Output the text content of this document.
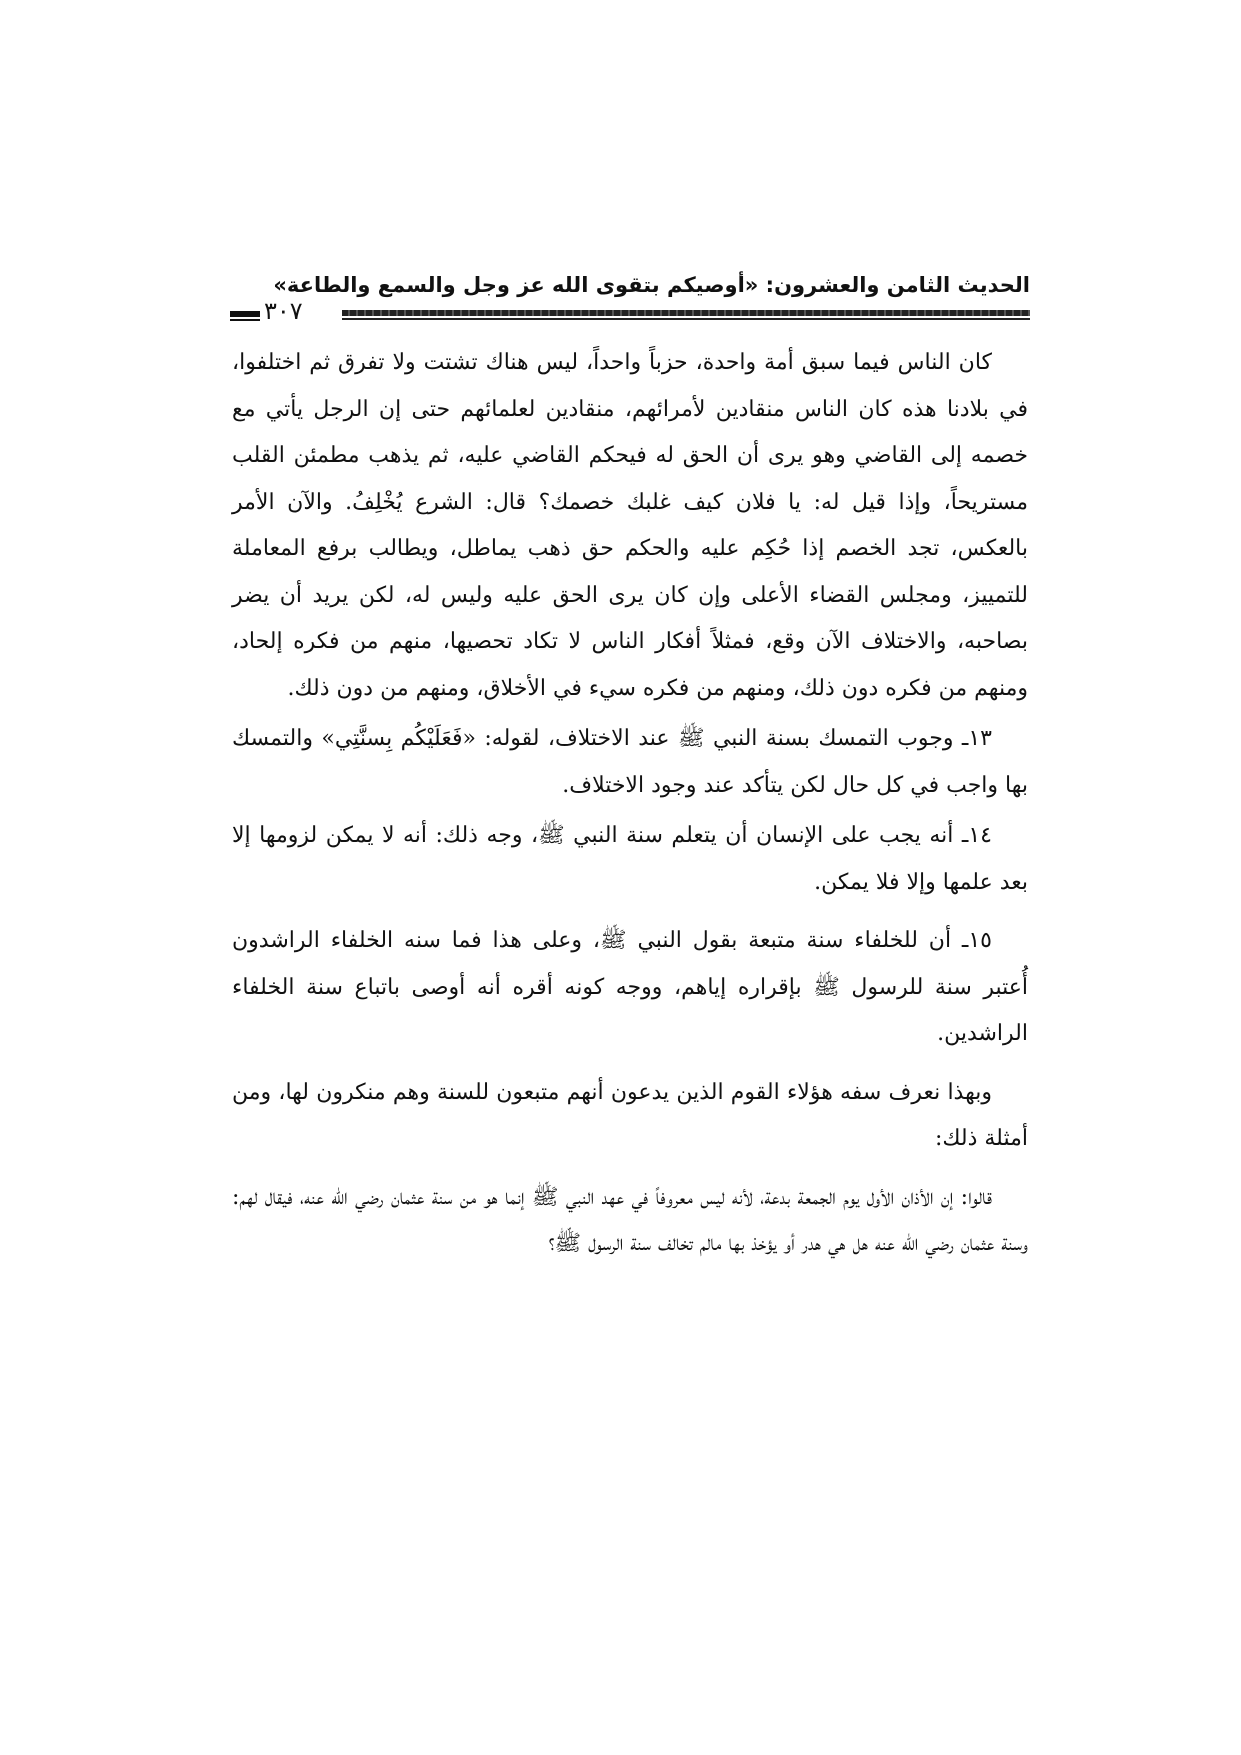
الحديث الثامن والعشرون: «أوصيكم بتقوى الله عز وجل والسمع والطاعة»
٣٠٧

كان الناس فيما سبق أمة واحدة، حزباً واحداً، ليس هناك تشتت ولا تفرق ثم اختلفوا، في بلادنا هذه كان الناس منقادين لأمرائهم، منقادين لعلمائهم حتى إن الرجل يأتي مع خصمه إلى القاضي وهو يرى أن الحق له فيحكم القاضي عليه، ثم يذهب مطمئن القلب مستريحاً، وإذا قيل له: يا فلان كيف غلبك خصمك؟ قال: الشرع يُخْلِفُ. والآن الأمر بالعكس، تجد الخصم إذا حُكِم عليه والحكم حق ذهب يماطل، ويطالب برفع المعاملة للتمييز، ومجلس القضاء الأعلى وإن كان يرى الحق عليه وليس له، لكن يريد أن يضر بصاحبه، والاختلاف الآن وقع، فمثلاً أفكار الناس لا تكاد تحصيها، منهم من فكره إلحاد، ومنهم من فكره دون ذلك، ومنهم من فكره سيء في الأخلاق، ومنهم من دون ذلك.

١٣ـ وجوب التمسك بسنة النبي ﷺ عند الاختلاف، لقوله: «فَعَلَيْكُم بِسنَّتِي» والتمسك بها واجب في كل حال لكن يتأكد عند وجود الاختلاف.

١٤ـ أنه يجب على الإنسان أن يتعلم سنة النبي ﷺ، وجه ذلك: أنه لا يمكن لزومها إلا بعد علمها وإلا فلا يمكن.

١٥ـ أن للخلفاء سنة متبعة بقول النبي ﷺ، وعلى هذا فما سنه الخلفاء الراشدون أُعتبر سنة للرسول ﷺ بإقراره إياهم، ووجه كونه أقره أنه أوصى باتباع سنة الخلفاء الراشدين.

وبهذا نعرف سفه هؤلاء القوم الذين يدعون أنهم متبعون للسنة وهم منكرون لها، ومن أمثلة ذلك:

قالوا: إن الأذان الأول يوم الجمعة بدعة، لأنه ليس معروفاً في عهد النبي ﷺ إنما هو من سنة عثمان رضي الله عنه، فيقال لهم: وسنة عثمان رضي الله عنه هل هي هدر أو يؤخذ بها مالم تخالف سنة الرسول ﷺ؟
